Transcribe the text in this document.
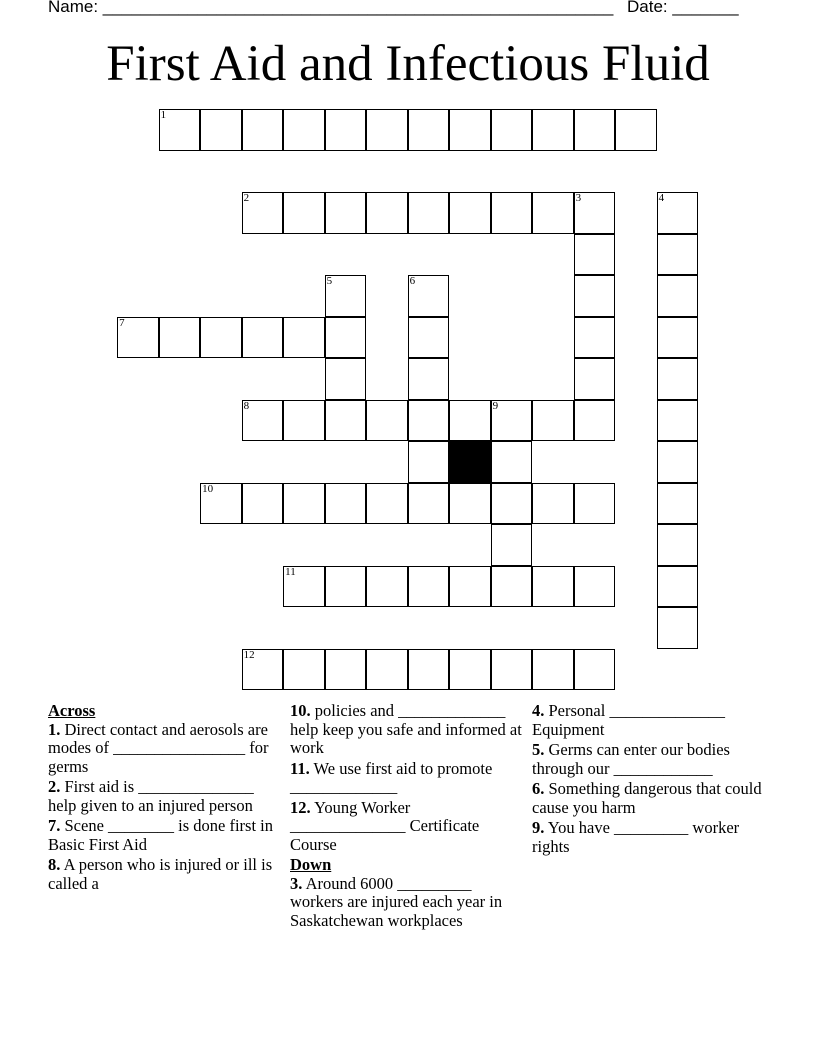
Name: ______________________________________________________ Date: _______
First Aid and Infectious Fluid
1
2	3	4
5	6
7
8	9
10
11
12
Across
1. Direct contact and aerosols are modes of ________________ for germs
2. First aid is ______________ help given to an injured person
7. Scene ________ is done first in Basic First Aid
8. A person who is injured or ill is called a
10. policies and _____________ help keep you safe and informed at work
11. We use first aid to promote _____________
12. Young Worker ______________ Certificate Course
Down
3. Around 6000 _________ workers are injured each year in Saskatchewan workplaces
4. Personal ______________ Equipment
5. Germs can enter our bodies through our ____________
6. Something dangerous that could cause you harm
9. You have _________ worker rights
